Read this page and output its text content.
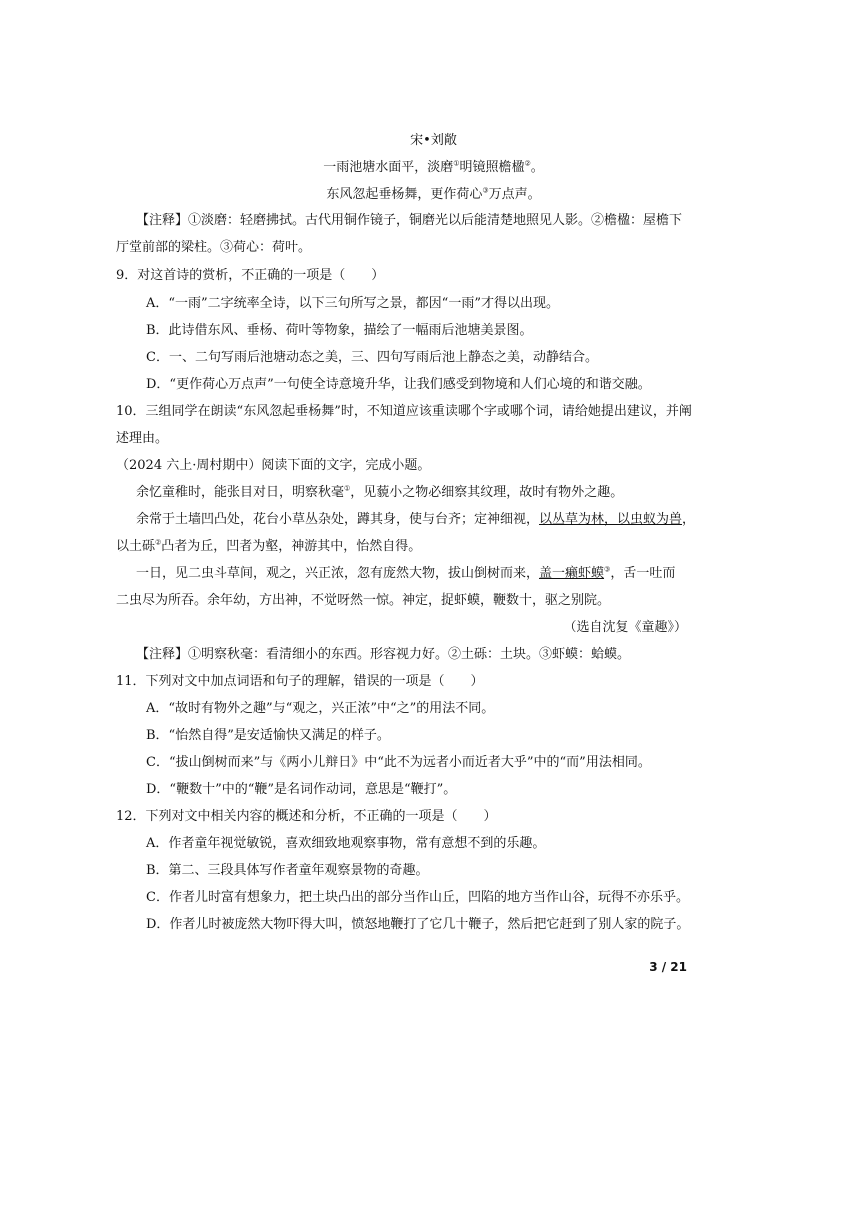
宋•刘敞
一雨池塘水面平，淡磨①明镜照檐楹②。
东风忽起垂杨舞，更作荷心③万点声。
【注释】①淡磨：轻磨拂拭。古代用铜作镜子，铜磨光以后能清楚地照见人影。②檐楹：屋檐下
厅堂前部的梁柱。③荷心：荷叶。
9．对这首诗的赏析，不正确的一项是（　　）
A．“一雨”二字统率全诗，以下三句所写之景，都因“一雨”才得以出现。
B．此诗借东风、垂杨、荷叶等物象，描绘了一幅雨后池塘美景图。
C．一、二句写雨后池塘动态之美，三、四句写雨后池上静态之美，动静结合。
D．“更作荷心万点声”一句使全诗意境升华，让我们感受到物境和人们心境的和谐交融。
10．三组同学在朗读“东风忽起垂杨舞”时，不知道应该重读哪个字或哪个词，请给她提出建议，并阐
述理由。
（2024 六上·周村期中）阅读下面的文字，完成小题。
余忆童稚时，能张目对日，明察秋毫①，见藐小之物必细察其纹理，故时有物外之趣。
余常于土墙凹凸处，花台小草丛杂处，蹲其身，使与台齐；定神细视，以丛草为林，以虫蚁为兽，
以土砾②凸者为丘，凹者为壑，神游其中，怡然自得。
一日，见二虫斗草间，观之，兴正浓，忽有庞然大物，拔山倒树而来，盖一癞虾蟆③，舌一吐而
二虫尽为所吞。余年幼，方出神，不觉呀然一惊。神定，捉虾蟆，鞭数十，驱之别院。
（选自沈复《童趣》）
【注释】①明察秋毫：看清细小的东西。形容视力好。②土砾：土块。③虾蟆：蛤蟆。
11．下列对文中加点词语和句子的理解，错误的一项是（　　）
A．“故时有物外之趣”与“观之，兴正浓”中“之”的用法不同。
B．“怡然自得”是安适愉快又满足的样子。
C．“拔山倒树而来”与《两小儿辩日》中“此不为远者小而近者大乎”中的“而”用法相同。
D．“鞭数十”中的“鞭”是名词作动词，意思是“鞭打”。
12．下列对文中相关内容的概述和分析，不正确的一项是（　　）
A．作者童年视觉敏锐，喜欢细致地观察事物，常有意想不到的乐趣。
B．第二、三段具体写作者童年观察景物的奇趣。
C．作者儿时富有想象力，把土块凸出的部分当作山丘，凹陷的地方当作山谷，玩得不亦乐乎。
D．作者儿时被庞然大物吓得大叫，愤怒地鞭打了它几十鞭子，然后把它赶到了别人家的院子。
3 / 21
